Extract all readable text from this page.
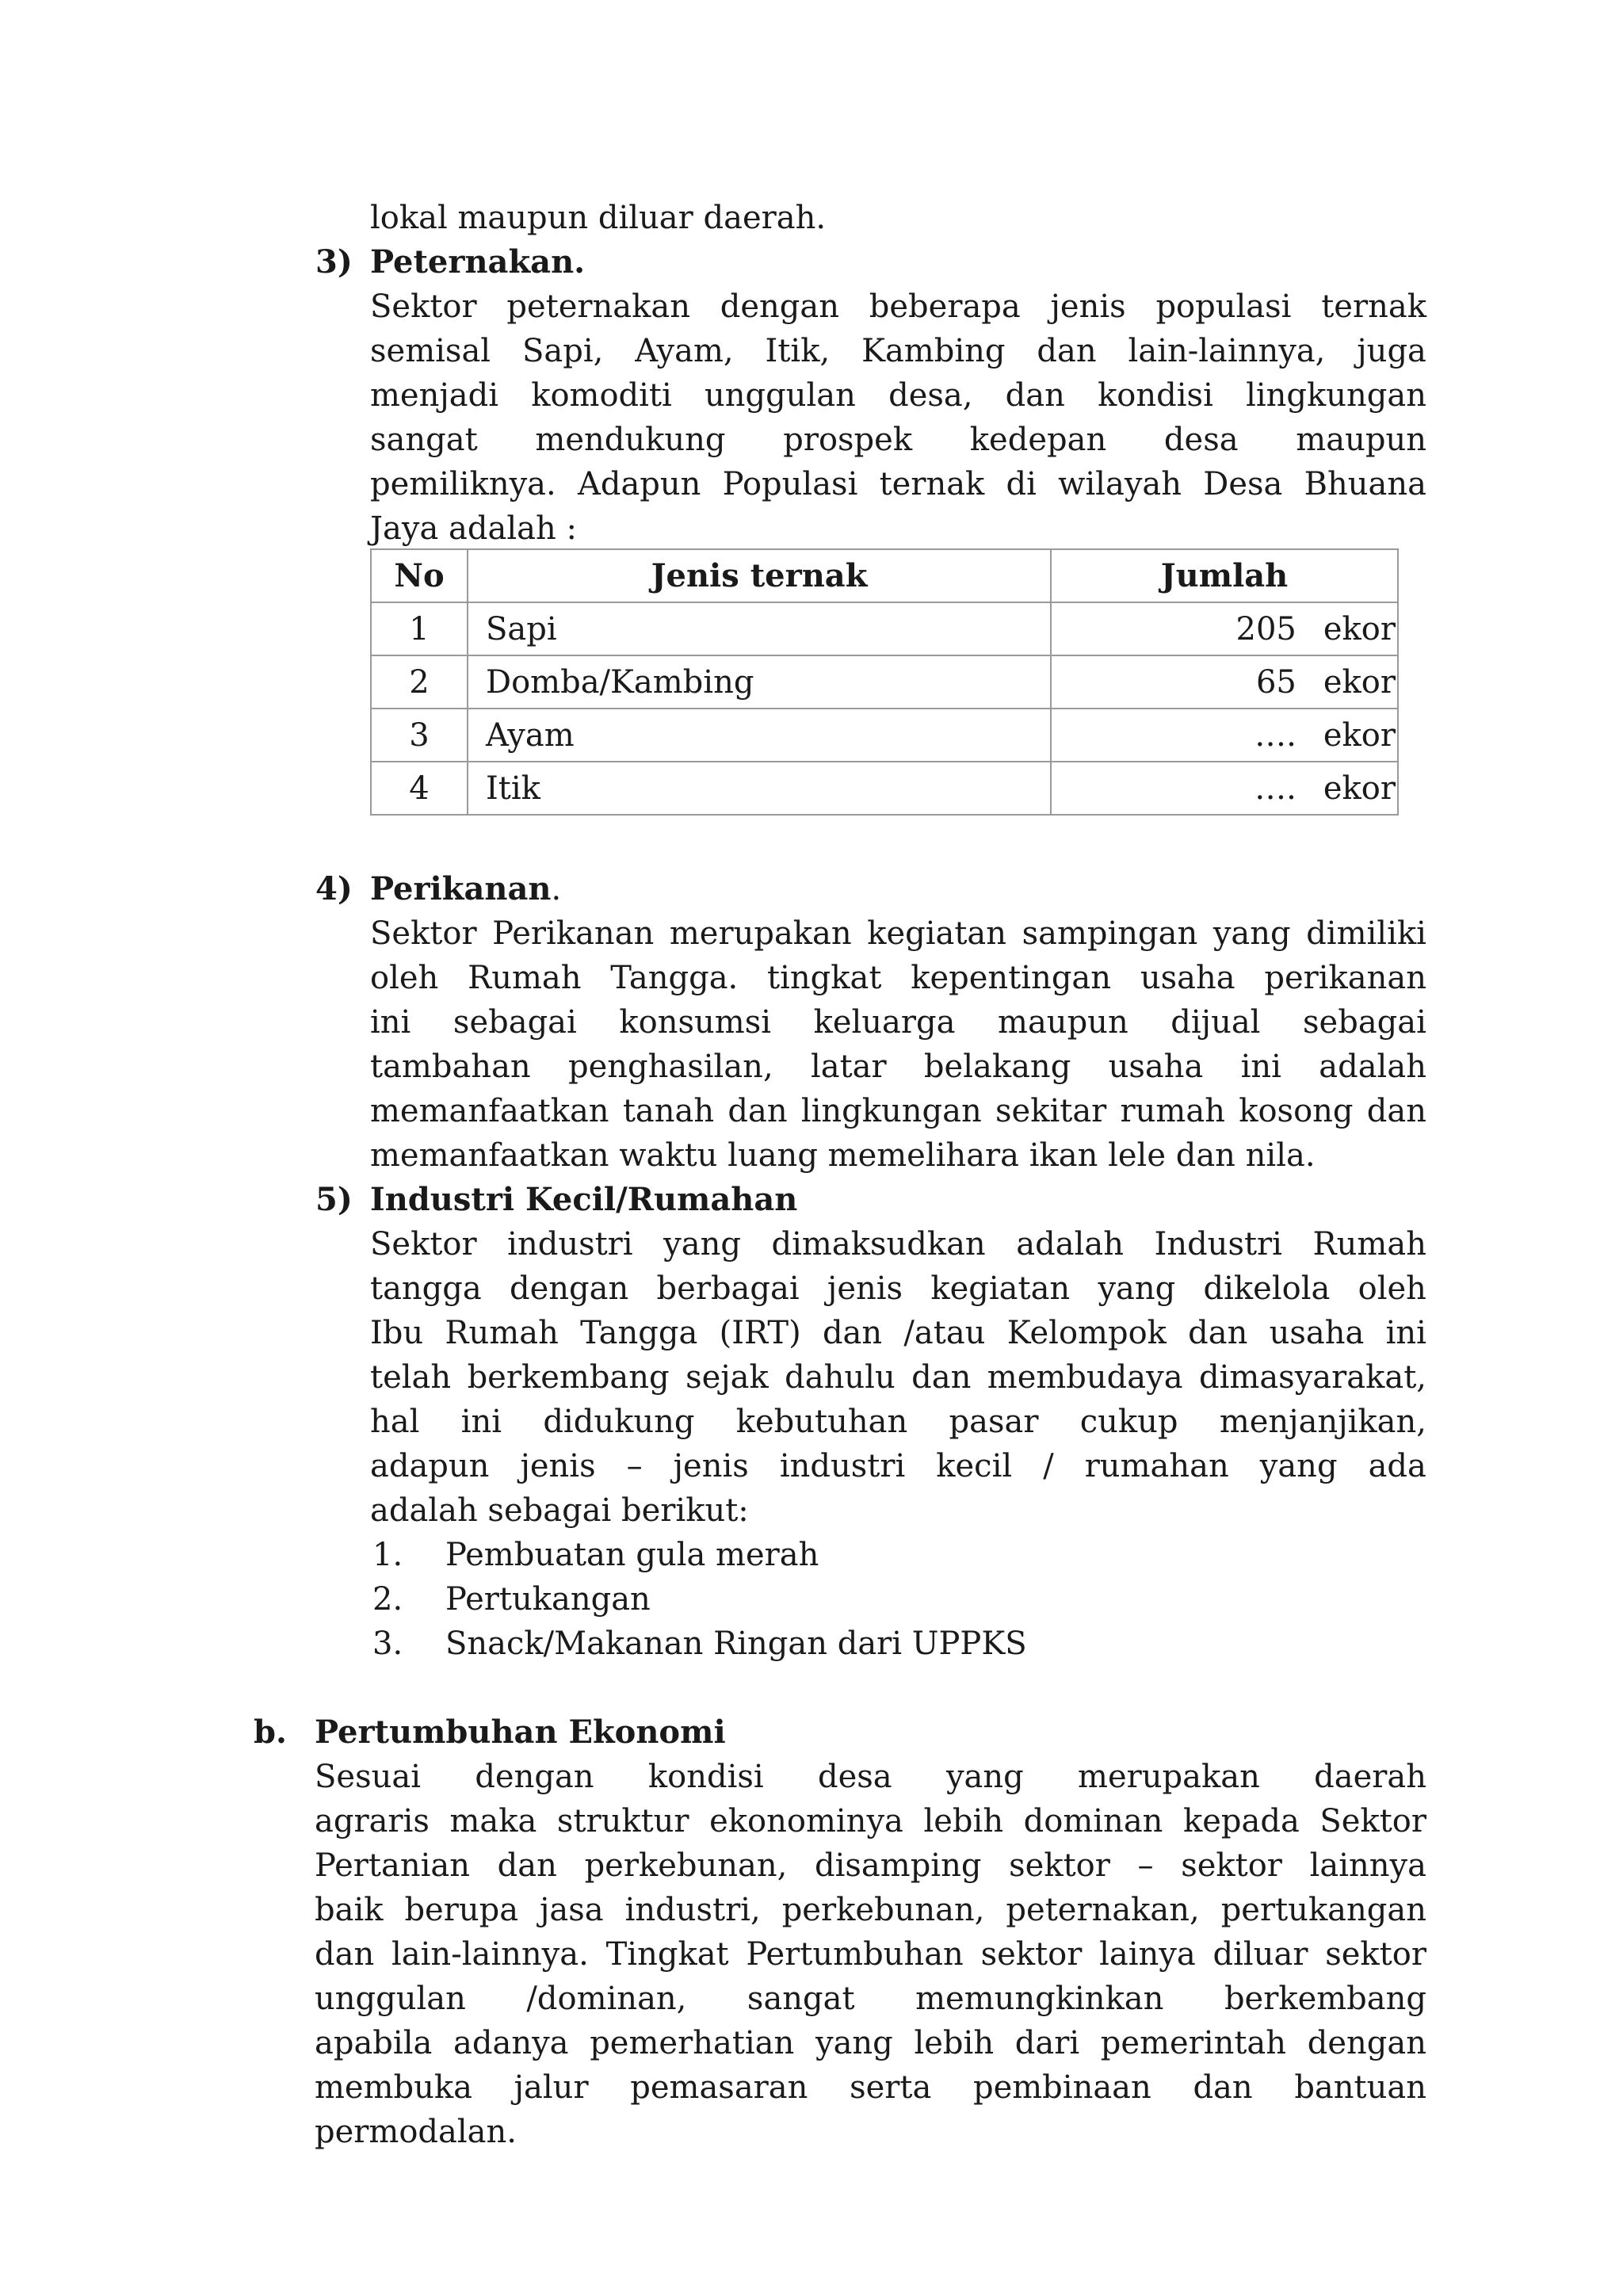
lokal maupun diluar daerah.
3) Peternakan.
Sektor peternakan dengan beberapa jenis populasi ternak
semisal Sapi, Ayam, Itik, Kambing dan lain-lainnya, juga
menjadi komoditi unggulan desa, dan kondisi lingkungan
sangat mendukung prospek kedepan desa maupun
pemiliknya. Adapun Populasi ternak di wilayah Desa Bhuana
Jaya adalah :
No	Jenis ternak	Jumlah
1	Sapi	205 ekor
2	Domba/Kambing	65 ekor
3	Ayam	…. ekor
4	Itik	…. ekor
4) Perikanan.
Sektor Perikanan merupakan kegiatan sampingan yang dimiliki
oleh Rumah Tangga. tingkat kepentingan usaha perikanan
ini sebagai konsumsi keluarga maupun dijual sebagai
tambahan penghasilan, latar belakang usaha ini adalah
memanfaatkan tanah dan lingkungan sekitar rumah kosong dan
memanfaatkan waktu luang memelihara ikan lele dan nila.
5) Industri Kecil/Rumahan
Sektor industri yang dimaksudkan adalah Industri Rumah
tangga dengan berbagai jenis kegiatan yang dikelola oleh
Ibu Rumah Tangga (IRT) dan /atau Kelompok dan usaha ini
telah berkembang sejak dahulu dan membudaya dimasyarakat,
hal ini didukung kebutuhan pasar cukup menjanjikan,
adapun jenis – jenis industri kecil / rumahan yang ada
adalah sebagai berikut:
1. Pembuatan gula merah
2. Pertukangan
3. Snack/Makanan Ringan dari UPPKS
b. Pertumbuhan Ekonomi
Sesuai dengan kondisi desa yang merupakan daerah
agraris maka struktur ekonominya lebih dominan kepada Sektor
Pertanian dan perkebunan, disamping sektor – sektor lainnya
baik berupa jasa industri, perkebunan, peternakan, pertukangan
dan lain-lainnya. Tingkat Pertumbuhan sektor lainya diluar sektor
unggulan /dominan, sangat memungkinkan berkembang
apabila adanya pemerhatian yang lebih dari pemerintah dengan
membuka jalur pemasaran serta pembinaan dan bantuan
permodalan.
